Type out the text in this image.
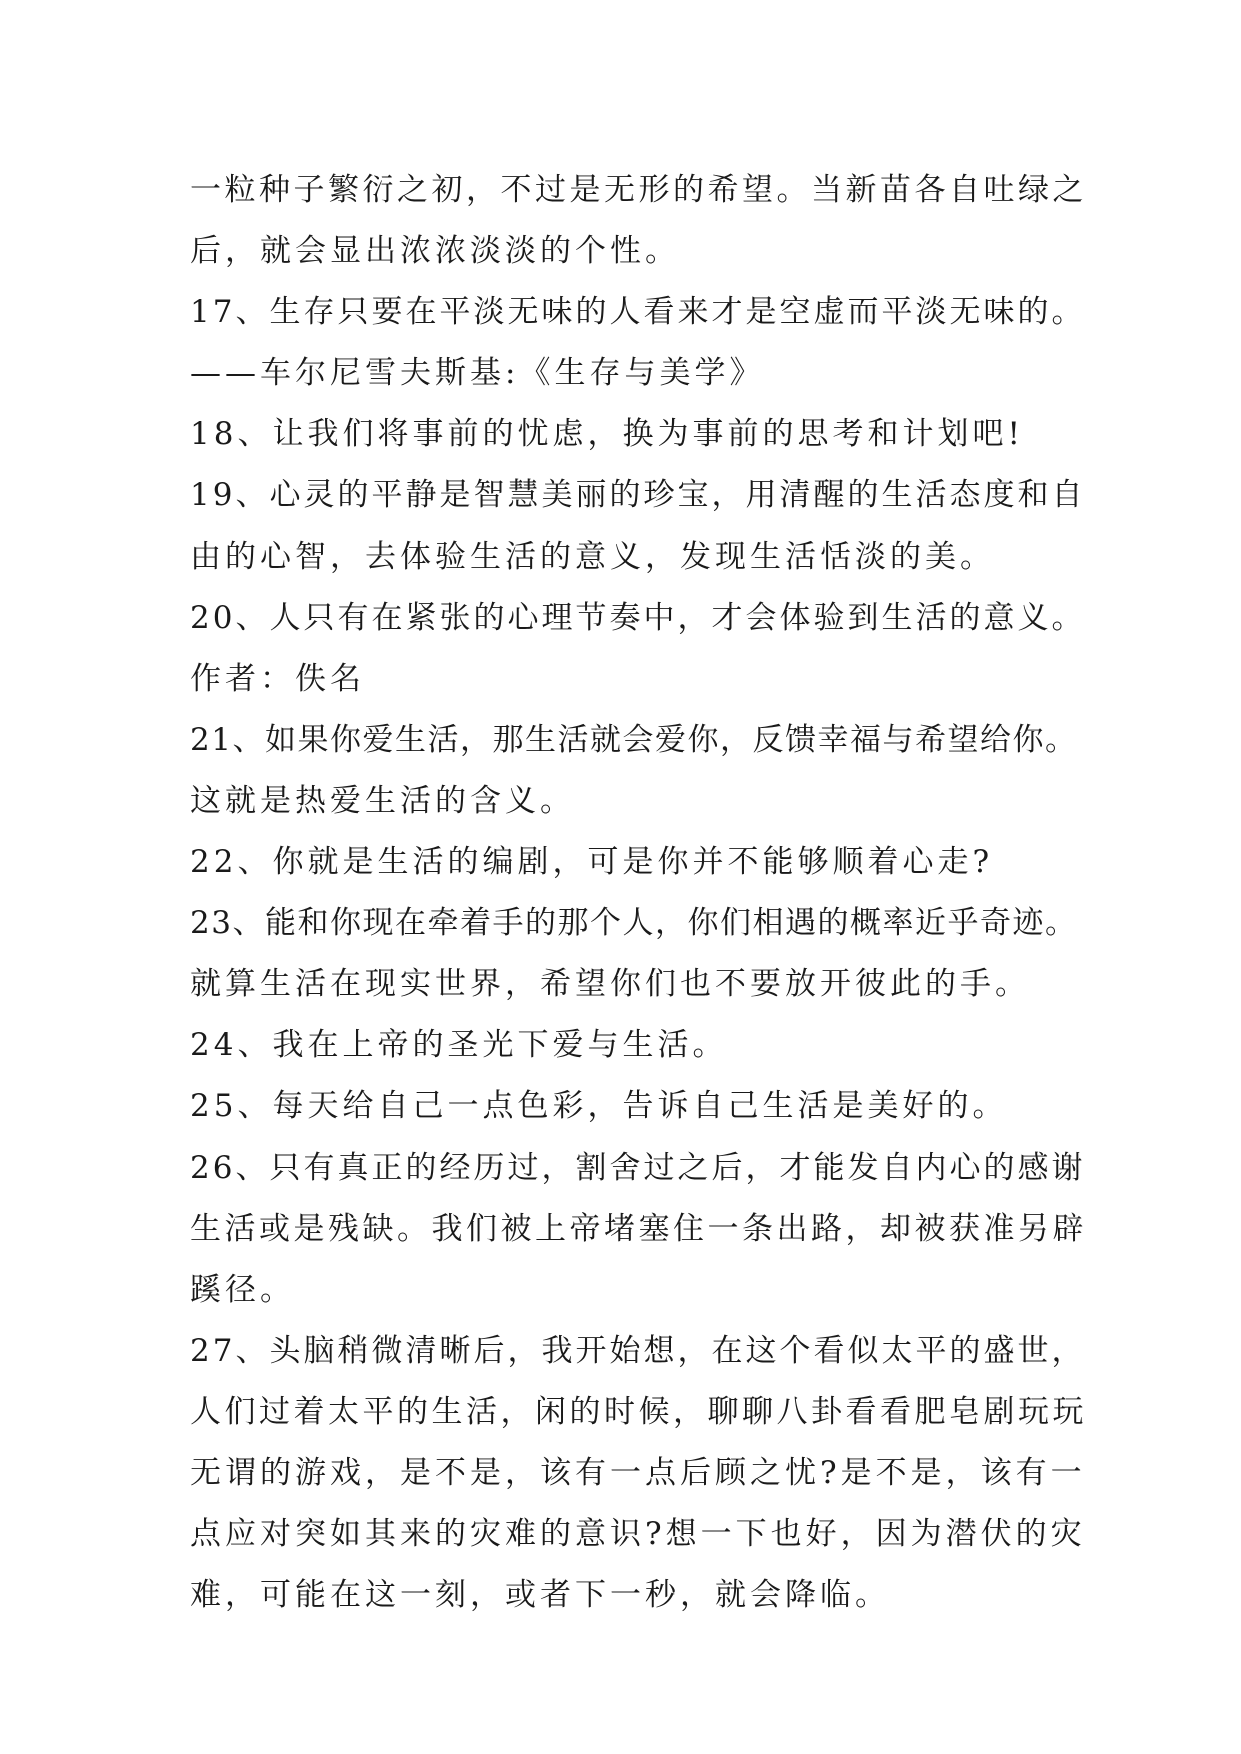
一粒种子繁衍之初，不过是无形的希望。当新苗各自吐绿之
后，就会显出浓浓淡淡的个性。
17、生存只要在平淡无味的人看来才是空虚而平淡无味的。
——车尔尼雪夫斯基:《生存与美学》
18、让我们将事前的忧虑，换为事前的思考和计划吧!
19、心灵的平静是智慧美丽的珍宝，用清醒的生活态度和自
由的心智，去体验生活的意义，发现生活恬淡的美。
20、人只有在紧张的心理节奏中，才会体验到生活的意义。
作者：佚名
21、如果你爱生活，那生活就会爱你，反馈幸福与希望给你。
这就是热爱生活的含义。
22、你就是生活的编剧，可是你并不能够顺着心走?
23、能和你现在牵着手的那个人，你们相遇的概率近乎奇迹。
就算生活在现实世界，希望你们也不要放开彼此的手。
24、我在上帝的圣光下爱与生活。
25、每天给自己一点色彩，告诉自己生活是美好的。
26、只有真正的经历过，割舍过之后，才能发自内心的感谢
生活或是残缺。我们被上帝堵塞住一条出路，却被获准另辟
蹊径。
27、头脑稍微清晰后，我开始想，在这个看似太平的盛世，
人们过着太平的生活，闲的时候，聊聊八卦看看肥皂剧玩玩
无谓的游戏，是不是，该有一点后顾之忧?是不是，该有一
点应对突如其来的灾难的意识?想一下也好，因为潜伏的灾
难，可能在这一刻，或者下一秒，就会降临。
